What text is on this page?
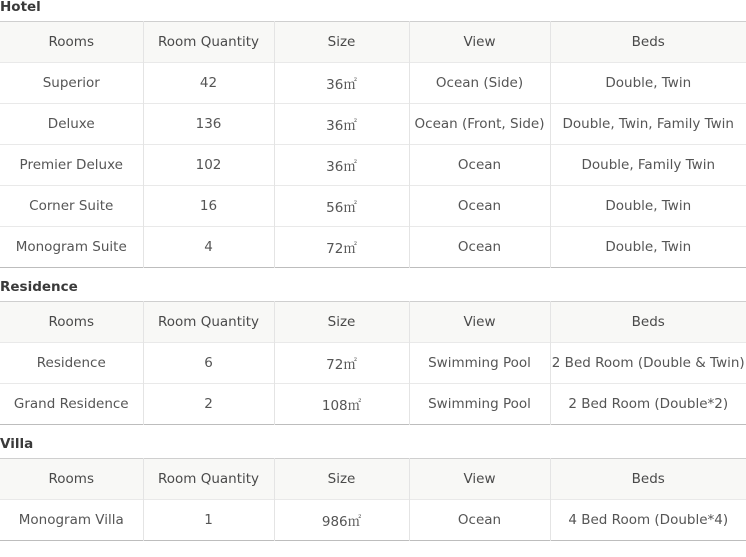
Hotel
Rooms	Room Quantity	Size	View	Beds
Superior	42	36㎡	Ocean (Side)	Double, Twin
Deluxe	136	36㎡	Ocean (Front, Side)	Double, Twin, Family Twin
Premier Deluxe	102	36㎡	Ocean	Double, Family Twin
Corner Suite	16	56㎡	Ocean	Double, Twin
Monogram Suite	4	72㎡	Ocean	Double, Twin
Residence
Rooms	Room Quantity	Size	View	Beds
Residence	6	72㎡	Swimming Pool	2 Bed Room (Double & Twin)
Grand Residence	2	108㎡	Swimming Pool	2 Bed Room (Double*2)
Villa
Rooms	Room Quantity	Size	View	Beds
Monogram Villa	1	986㎡	Ocean	4 Bed Room (Double*4)
